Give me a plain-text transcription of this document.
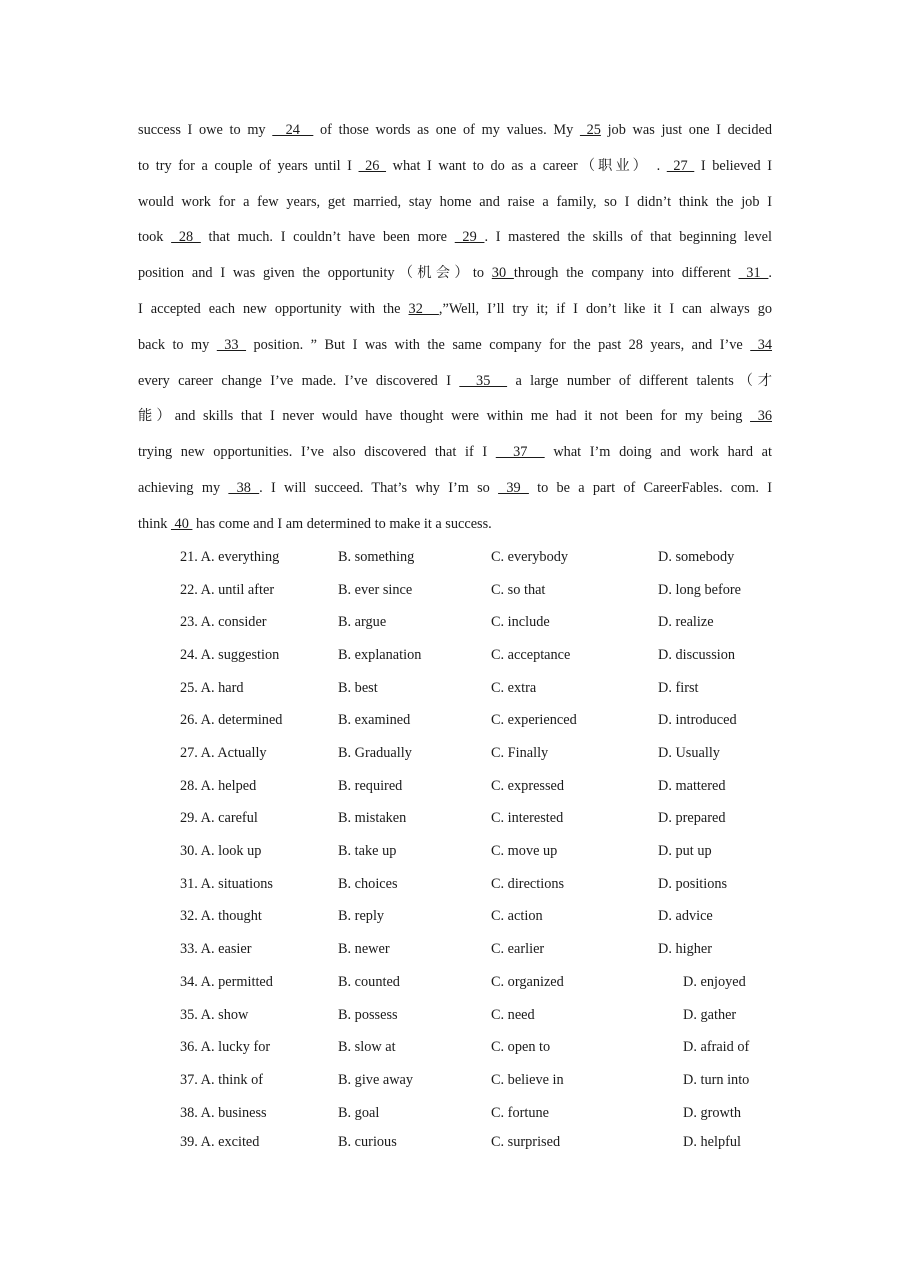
success I owe to my   24   of those words as one of my values. My  25 job was just one I decided
to try for a couple of years until I  26  what I want to do as a career（职业） .  27  I believed I
would work for a few years, get married, stay home and raise a family, so I didn’t think the job I
took  28  that much. I couldn’t have been more  29 . I mastered the skills of that beginning level
position and I was given the opportunity（机会）to 30 through the company into different  31 .
I accepted each new opportunity with the 32  ,”Well, I’ll try it; if I don’t like it I can always go
back to my  33  position. ” But I was with the same company for the past 28 years, and I’ve  34
every career change I’ve made. I’ve discovered I   35   a large number of different talents（才
能）and skills that I never would have thought were within me had it not been for my being  36
trying new opportunities. I’ve also discovered that if I   37   what I’m doing and work hard at
achieving my  38 . I will succeed. That’s why I’m so  39  to be a part of CareerFables. com. I
think  40  has come and I am determined to make it a success.
21. A. everything	B. something	C. everybody	D. somebody
22. A. until after	B. ever since	C. so that	D. long before
23. A. consider	B. argue	C. include	D. realize
24. A. suggestion	B. explanation	C. acceptance	D. discussion
25. A. hard	B. best	C. extra	D. first
26. A. determined	B. examined	C. experienced	D. introduced
27. A. Actually	B. Gradually	C. Finally	D. Usually
28. A. helped	B. required	C. expressed	D. mattered
29. A. careful	B. mistaken	C. interested	D. prepared
30. A. look up	B. take up	C. move up	D. put up
31. A. situations	B. choices	C. directions	D. positions
32. A. thought	B. reply	C. action	D. advice
33. A. easier	B. newer	C. earlier	D. higher
34. A. permitted	B. counted	C. organized	D. enjoyed
35. A. show	B. possess	C. need	D. gather
36. A. lucky for	B. slow at	C. open to	D. afraid of
37. A. think of	B. give away	C. believe in	D. turn into
38. A. business	B. goal	C. fortune	D. growth
39. A. excited	B. curious	C. surprised	D. helpful
